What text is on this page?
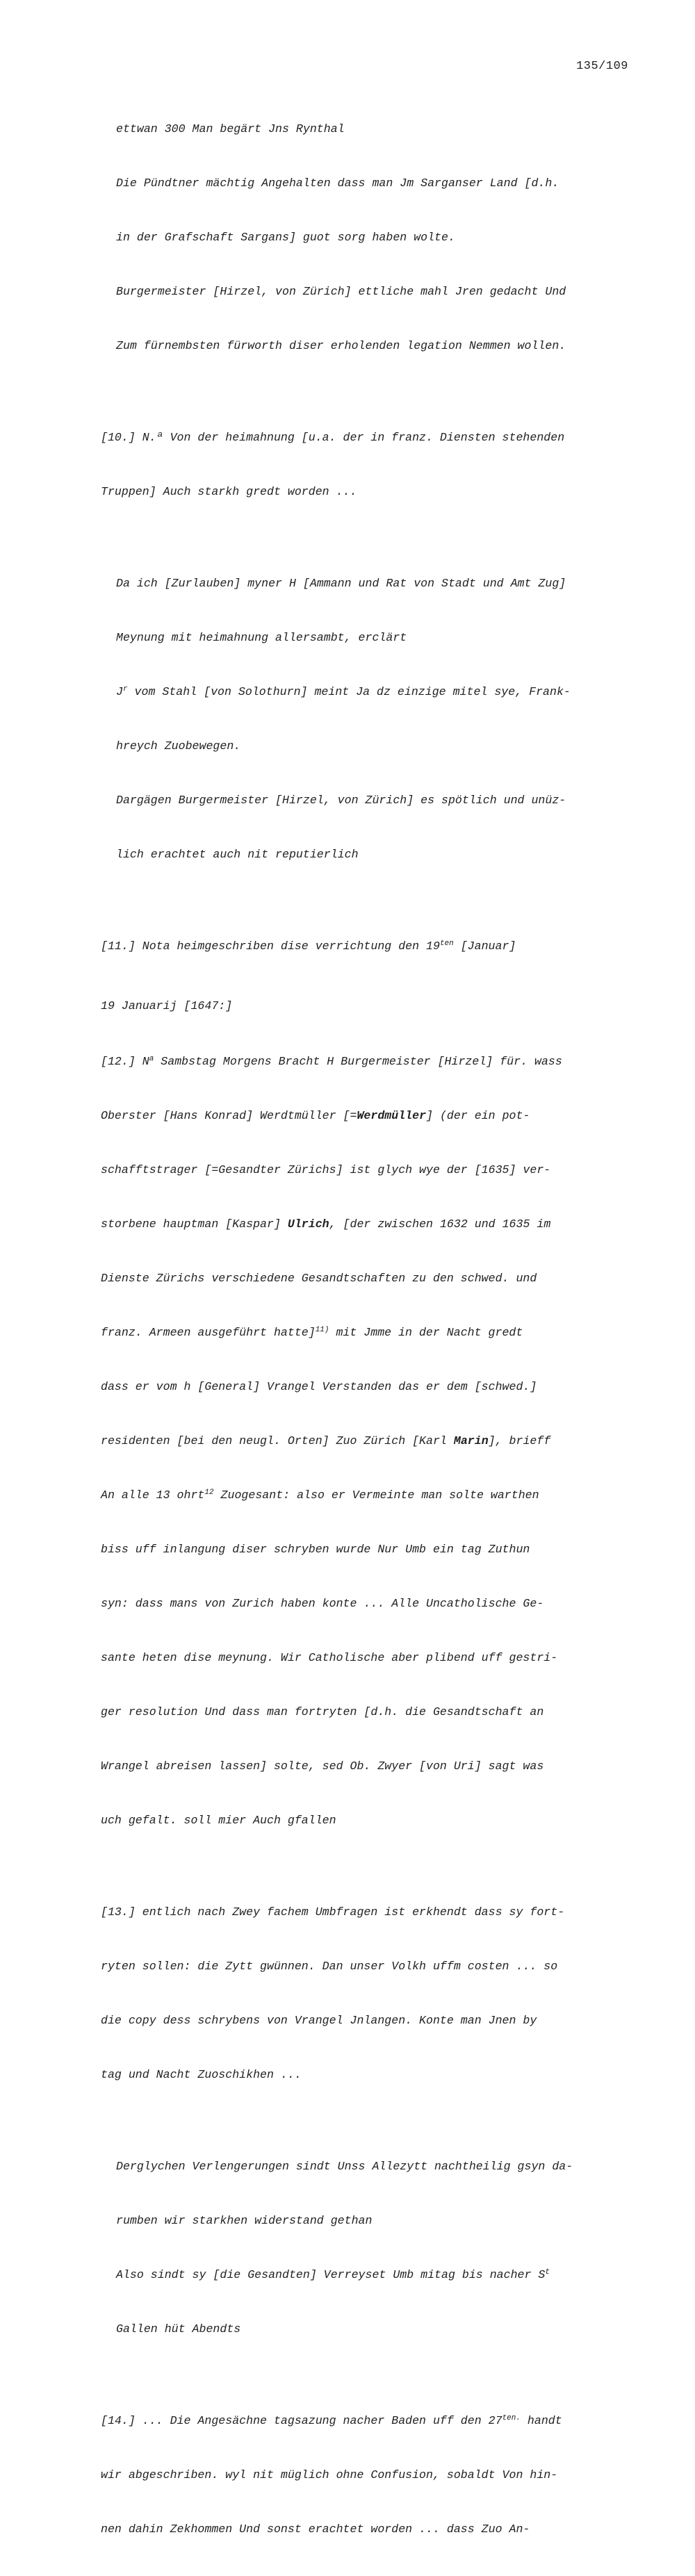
135/109

ettwan 300 Man begärt Jns Rynthal

Die Pündtner mächtig Angehalten dass man Jm Sarganser Land [d.h.

in der Grafschaft Sargans] guot sorg haben wolte.

Burgermeister [Hirzel, von Zürich] ettliche mahl Jren gedacht Und

Zum fürnembsten fürworth diser erholenden legation Nemmen wollen.

[10.] N.ª Von der heimahnung [u.a. der in franz. Diensten stehenden

Truppen] Auch starkh gredt worden ...

Da ich [Zurlauben] myner H [Ammann und Rat von Stadt und Amt Zug]

Meynung mit heimahnung allersambt, erclärt

$J^r$ vom Stahl [von Solothurn] meint Ja dz einzige mitel sye, Frank-

hreych Zuobewegen.

Dargägen Burgermeister [Hirzel, von Zürich] es spötlich und unüz-

lich erachtet auch nit reputierlich

[11.] Nota heimgeschriben dise verrichtung den $19^{ten}$ [Januar]

19 Januarij [1647:]

[12.] $N^a$ Sambstag Morgens Bracht H Burgermeister [Hirzel] für. wass

Oberster [Hans Konrad] Werdtmüller [=Werdmüller] (der ein pot-

schafftstrager [=Gesandter Zürichs] ist glych wye der [1635] ver-

storbene hauptman [Kaspar] Ulrich, [der zwischen 1632 und 1635 im

Dienste Zürichs verschiedene Gesandtschaften zu den schwed. und

franz. Armeen ausgeführt hatte]$^{11)}$ mit Jmme in der Nacht gredt

dass er vom h [General] Vrangel Verstanden das er dem [schwed.]

residenten [bei den neugl. Orten] Zuo Zürich [Karl Marin], brieff

An alle 13 ohrt$^{12}$ Zuogesant: also er Vermeinte man solte warthen

biss uff inlangung diser schryben wurde Nur Umb ein tag Zuthun

syn: dass mans von Zurich haben konte ... Alle Uncatholische Ge-

sante heten dise meynung. Wir Catholische aber plibend uff gestri-

ger resolution Und dass man fortryten [d.h. die Gesandtschaft an

Wrangel abreisen lassen] solte, sed Ob. Zwyer [von Uri] sagt was

uch gefalt. soll mier Auch gfallen

[13.] entlich nach Zwey fachem Umbfragen ist erkhendt dass sy fort-

ryten sollen: die Zytt gwünnen. Dan unser Volkh uffm costen ... so

die copy dess schrybens von Vrangel Jnlangen. Konte man Jnen by

tag und Nacht Zuoschikhen ...

Derglychen Verlengerungen sindt Unss Allezytt nachtheilig gsyn da-

rumben wir starkhen widerstand gethan

Also sindt sy [die Gesandten] Verreyset Umb mitag bis nacher $S^t$

Gallen hüt Abendts

[14.] ... Die Angesächne tagsazung nacher Baden uff den $27^{ten.}$ handt

wir abgeschriben. wyl nit müglich ohne Confusion, sobaldt Von hin-

nen dahin Zekhommen Und sonst erachtet worden ... dass Zuo An-
